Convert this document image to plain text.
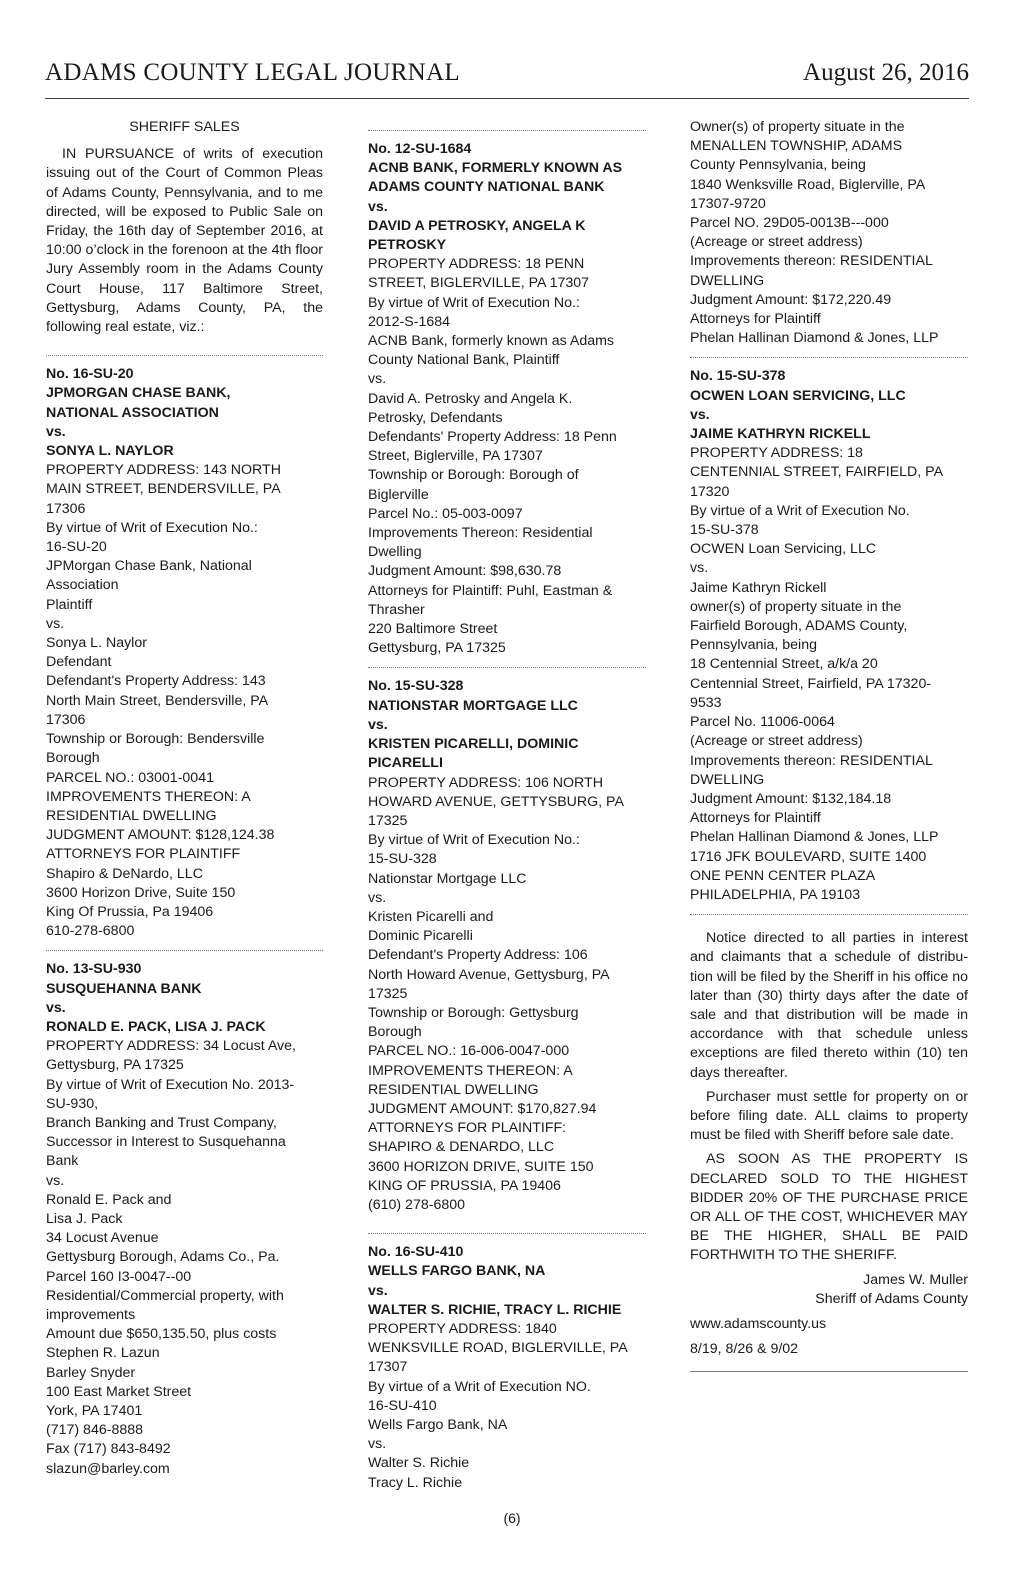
ADAMS COUNTY LEGAL JOURNAL	August 26, 2016
SHERIFF SALES

IN PURSUANCE of writs of execution issuing out of the Court of Common Pleas of Adams County, Pennsylvania, and to me directed, will be exposed to Public Sale on Friday, the 16th day of September 2016, at 10:00 o’clock in the forenoon at the 4th floor Jury Assembly room in the Adams County Court House, 117 Baltimore Street, Gettysburg, Adams County, PA, the following real estate, viz.:

No. 16-SU-20
JPMORGAN CHASE BANK,
NATIONAL ASSOCIATION
vs.
SONYA L. NAYLOR
PROPERTY ADDRESS: 143 NORTH
MAIN STREET, BENDERSVILLE, PA
17306
By virtue of Writ of Execution No.:
16-SU-20
JPMorgan Chase Bank, National
Association
Plaintiff
vs.
Sonya L. Naylor
Defendant
Defendant's Property Address: 143
North Main Street, Bendersville, PA
17306
Township or Borough: Bendersville
Borough
PARCEL NO.: 03001-0041
IMPROVEMENTS THEREON: A
RESIDENTIAL DWELLING
JUDGMENT AMOUNT: $128,124.38
ATTORNEYS FOR PLAINTIFF
Shapiro & DeNardo, LLC
3600 Horizon Drive, Suite 150
King Of Prussia, Pa 19406
610-278-6800
No. 13-SU-930
SUSQUEHANNA BANK
vs.
RONALD E. PACK, LISA J. PACK
PROPERTY ADDRESS: 34 Locust Ave,
Gettysburg, PA 17325
By virtue of Writ of Execution No. 2013-
SU-930,
Branch Banking and Trust Company,
Successor in Interest to Susquehanna
Bank
vs.
Ronald E. Pack and
Lisa J. Pack
34 Locust Avenue
Gettysburg Borough, Adams Co., Pa.
Parcel 160 I3-0047--00
Residential/Commercial property, with
improvements
Amount due $650,135.50, plus costs
Stephen R. Lazun
Barley Snyder
100 East Market Street
York, PA 17401
(717) 846-8888
Fax (717) 843-8492
slazun@barley.com
No. 12-SU-1684
ACNB BANK, FORMERLY KNOWN AS
ADAMS COUNTY NATIONAL BANK
vs.
DAVID A PETROSKY, ANGELA K
PETROSKY
PROPERTY ADDRESS: 18 PENN
STREET, BIGLERVILLE, PA 17307
By virtue of Writ of Execution No.:
2012-S-1684
ACNB Bank, formerly known as Adams
County National Bank, Plaintiff
vs.
David A. Petrosky and Angela K.
Petrosky, Defendants
Defendants' Property Address: 18 Penn
Street, Biglerville, PA 17307
Township or Borough: Borough of
Biglerville
Parcel No.: 05-003-0097
Improvements Thereon: Residential
Dwelling
Judgment Amount: $98,630.78
Attorneys for Plaintiff: Puhl, Eastman &
Thrasher
220 Baltimore Street
Gettysburg, PA 17325
No. 15-SU-328
NATIONSTAR MORTGAGE LLC
vs.
KRISTEN PICARELLI, DOMINIC
PICARELLI
PROPERTY ADDRESS: 106 NORTH
HOWARD AVENUE, GETTYSBURG, PA
17325
By virtue of Writ of Execution No.:
15-SU-328
Nationstar Mortgage LLC
vs.
Kristen Picarelli and
Dominic Picarelli
Defendant's Property Address: 106
North Howard Avenue, Gettysburg, PA
17325
Township or Borough: Gettysburg
Borough
PARCEL NO.: 16-006-0047-000
IMPROVEMENTS THEREON: A
RESIDENTIAL DWELLING
JUDGMENT AMOUNT: $170,827.94
ATTORNEYS FOR PLAINTIFF:
SHAPIRO & DENARDO, LLC
3600 HORIZON DRIVE, SUITE 150
KING OF PRUSSIA, PA 19406
(610) 278-6800
No. 16-SU-410
WELLS FARGO BANK, NA
vs.
WALTER S. RICHIE, TRACY L. RICHIE
PROPERTY ADDRESS: 1840
WENKSVILLE ROAD, BIGLERVILLE, PA
17307
By virtue of a Writ of Execution NO.
16-SU-410
Wells Fargo Bank, NA
vs.
Walter S. Richie
Tracy L. Richie
Owner(s) of property situate in the
MENALLEN TOWNSHIP, ADAMS
County Pennsylvania, being
1840 Wenksville Road, Biglerville, PA
17307-9720
Parcel NO. 29D05-0013B---000
(Acreage or street address)
Improvements thereon: RESIDENTIAL
DWELLING
Judgment Amount: $172,220.49
Attorneys for Plaintiff
Phelan Hallinan Diamond & Jones, LLP
No. 15-SU-378
OCWEN LOAN SERVICING, LLC
vs.
JAIME KATHRYN RICKELL
PROPERTY ADDRESS: 18
CENTENNIAL STREET, FAIRFIELD, PA
17320
By virtue of a Writ of Execution No.
15-SU-378
OCWEN Loan Servicing, LLC
vs.
Jaime Kathryn Rickell
owner(s) of property situate in the
Fairfield Borough, ADAMS County,
Pennsylvania, being
18 Centennial Street, a/k/a 20
Centennial Street, Fairfield, PA 17320-
9533
Parcel No. 11006-0064
(Acreage or street address)
Improvements thereon: RESIDENTIAL
DWELLING
Judgment Amount: $132,184.18
Attorneys for Plaintiff
Phelan Hallinan Diamond & Jones, LLP
1716 JFK BOULEVARD, SUITE 1400
ONE PENN CENTER PLAZA
PHILADELPHIA, PA 19103

Notice directed to all parties in interest and claimants that a schedule of distribu-tion will be filed by the Sheriff in his office no later than (30) thirty days after the date of sale and that distribution will be made in accordance with that schedule unless exceptions are filed thereto within (10) ten days thereafter.

Purchaser must settle for property on or before filing date. ALL claims to property must be filed with Sheriff before sale date.

AS SOON AS THE PROPERTY IS DECLARED SOLD TO THE HIGHEST BIDDER 20% OF THE PURCHASE PRICE OR ALL OF THE COST, WHICHEVER MAY BE THE HIGHER, SHALL BE PAID FORTHWITH TO THE SHERIFF.

James W. Muller
Sheriff of Adams County
www.adamscounty.us
8/19, 8/26 & 9/02
(6)
